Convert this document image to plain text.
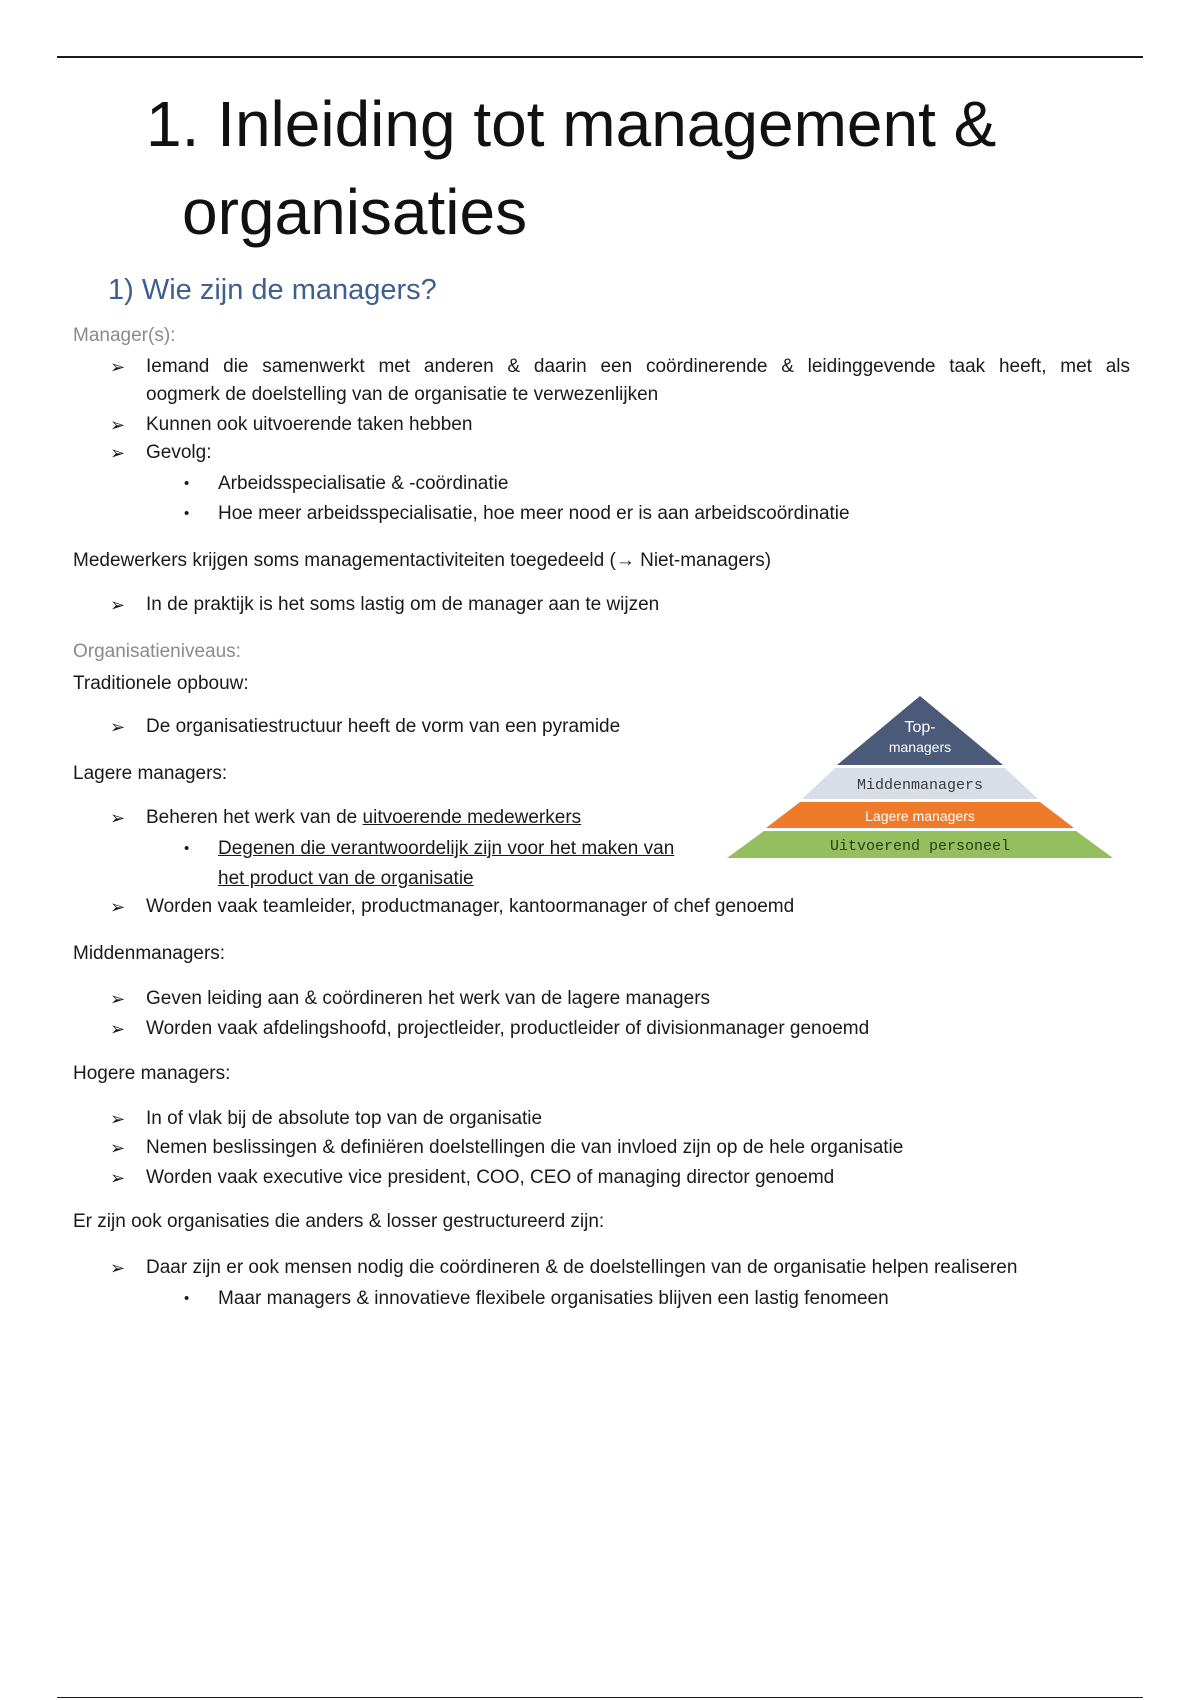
1. Inleiding tot management &
organisaties
1) Wie zijn de managers?

Manager(s):

➢	Iemand die samenwerkt met anderen & daarin een coördinerende & leidinggevende taak heeft, met als
oogmerk de doelstelling van de organisatie te verwezenlijken
➢	Kunnen ook uitvoerende taken hebben
➢	Gevolg:
•	Arbeidsspecialisatie & -coördinatie
•	Hoe meer arbeidsspecialisatie, hoe meer nood er is aan arbeidscoördinatie

Medewerkers krijgen soms managementactiviteiten toegedeeld (→ Niet-managers)

➢	In de praktijk is het soms lastig om de manager aan te wijzen

Organisatieniveaus:

Traditionele opbouw:

➢	De organisatiestructuur heeft de vorm van een pyramide

Lagere managers:

➢	Beheren het werk van de uitvoerende medewerkers
•	Degenen die verantwoordelijk zijn voor het maken van
het product van de organisatie
➢	Worden vaak teamleider, productmanager, kantoormanager of chef genoemd

Middenmanagers:

➢	Geven leiding aan & coördineren het werk van de lagere managers
➢	Worden vaak afdelingshoofd, projectleider, productleider of divisionmanager genoemd

Hogere managers:

➢	In of vlak bij de absolute top van de organisatie
➢	Nemen beslissingen & definiëren doelstellingen die van invloed zijn op de hele organisatie
➢	Worden vaak executive vice president, COO, CEO of managing director genoemd

Er zijn ook organisaties die anders & losser gestructureerd zijn:

➢	Daar zijn er ook mensen nodig die coördineren & de doelstellingen van de organisatie helpen realiseren
•	Maar managers & innovatieve flexibele organisaties blijven een lastig fenomeen
Top-
managers
Middenmanagers
Lagere managers
Uitvoerend personeel
